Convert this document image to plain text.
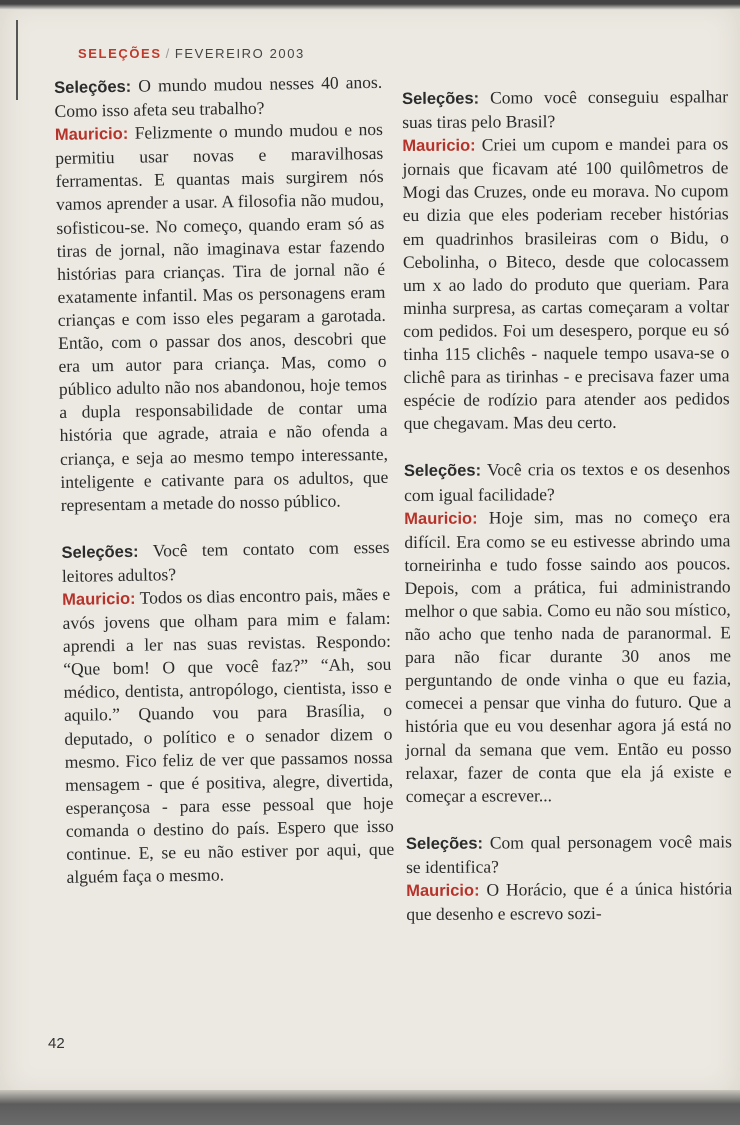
SELEÇÕES / FEVEREIRO 2003
Seleções: O mundo mudou nesses 40 anos. Como isso afeta seu trabalho?
Mauricio: Felizmente o mundo mudou e nos permitiu usar novas e maravilhosas ferramentas. E quantas mais surgirem nós vamos aprender a usar. A filosofia não mudou, sofisticou-se. No começo, quando eram só as tiras de jornal, não imaginava estar fazendo histórias para crianças. Tira de jornal não é exatamente infantil. Mas os personagens eram crianças e com isso eles pegaram a garotada. Então, com o passar dos anos, descobri que era um autor para criança. Mas, como o público adulto não nos abandonou, hoje temos a dupla responsabilidade de contar uma história que agrade, atraia e não ofenda a criança, e seja ao mesmo tempo interessante, inteligente e cativante para os adultos, que representam a metade do nosso público.
Seleções: Você tem contato com esses leitores adultos?
Mauricio: Todos os dias encontro pais, mães e avós jovens que olham para mim e falam: aprendi a ler nas suas revistas. Respondo: “Que bom! O que você faz?” “Ah, sou médico, dentista, antropólogo, cientista, isso e aquilo.” Quando vou para Brasília, o deputado, o político e o senador dizem o mesmo. Fico feliz de ver que passamos nossa mensagem - que é positiva, alegre, divertida, esperançosa - para esse pessoal que hoje comanda o destino do país. Espero que isso continue. E, se eu não estiver por aqui, que alguém faça o mesmo.
Seleções: Como você conseguiu espalhar suas tiras pelo Brasil?
Mauricio: Criei um cupom e mandei para os jornais que ficavam até 100 quilômetros de Mogi das Cruzes, onde eu morava. No cupom eu dizia que eles poderiam receber histórias em quadrinhos brasileiras com o Bidu, o Cebolinha, o Biteco, desde que colocassem um x ao lado do produto que queriam. Para minha surpresa, as cartas começaram a voltar com pedidos. Foi um desespero, porque eu só tinha 115 clichês - naquele tempo usava-se o clichê para as tirinhas - e precisava fazer uma espécie de rodízio para atender aos pedidos que chegavam. Mas deu certo.
Seleções: Você cria os textos e os desenhos com igual facilidade?
Mauricio: Hoje sim, mas no começo era difícil. Era como se eu estivesse abrindo uma torneirinha e tudo fosse saindo aos poucos. Depois, com a prática, fui administrando melhor o que sabia. Como eu não sou místico, não acho que tenho nada de paranormal. E para não ficar durante 30 anos me perguntando de onde vinha o que eu fazia, comecei a pensar que vinha do futuro. Que a história que eu vou desenhar agora já está no jornal da semana que vem. Então eu posso relaxar, fazer de conta que ela já existe e começar a escrever...
Seleções: Com qual personagem você mais se identifica?
Mauricio: O Horácio, que é a única história que desenho e escrevo sozi-
42
